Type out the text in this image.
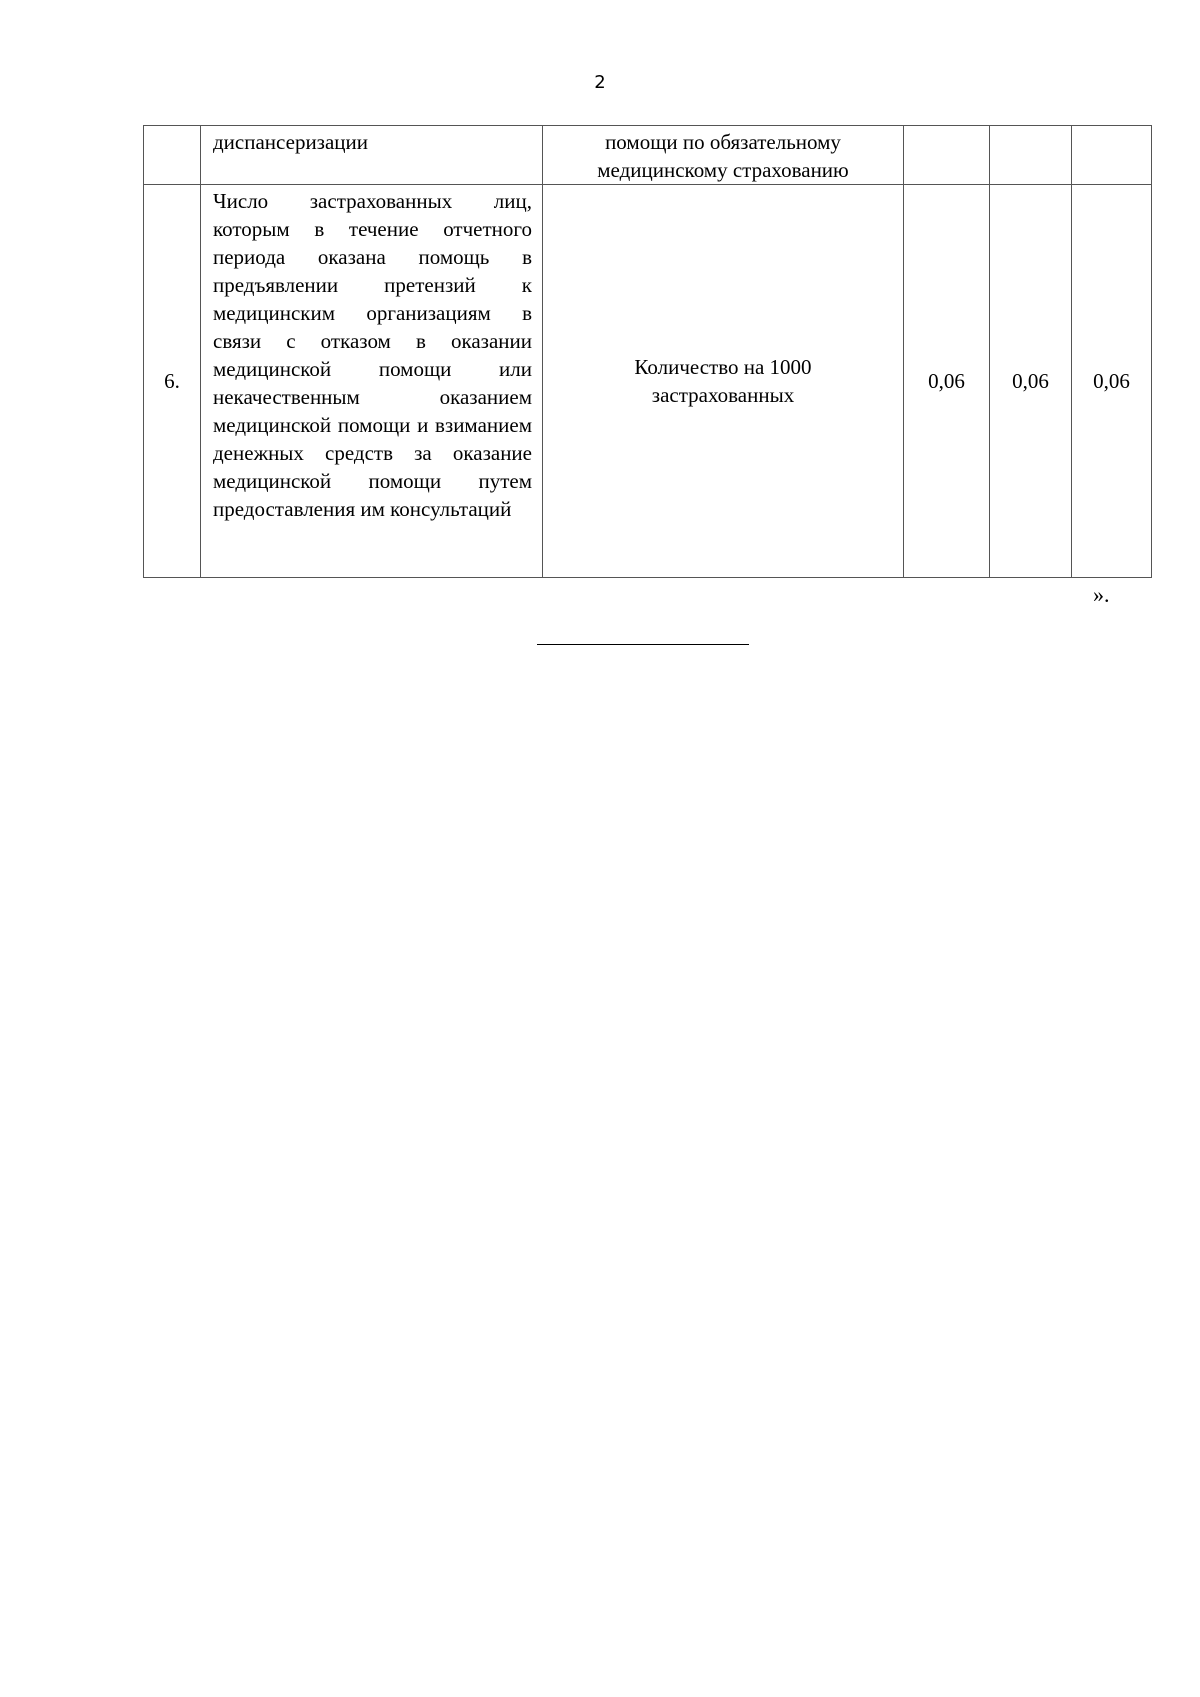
2
	диспансеризации	помощи по обязательному медицинскому страхованию			
6.	Число застрахованных лиц, которым в течение отчетного периода оказана помощь в предъявлении претензий к медицинским организациям в связи с отказом в оказании медицинской помощи или некачественным оказанием медицинской помощи и взиманием денежных средств за оказание медицинской помощи путем предоставления им консультаций	Количество на 1000 застрахованных	0,06	0,06	0,06
».
